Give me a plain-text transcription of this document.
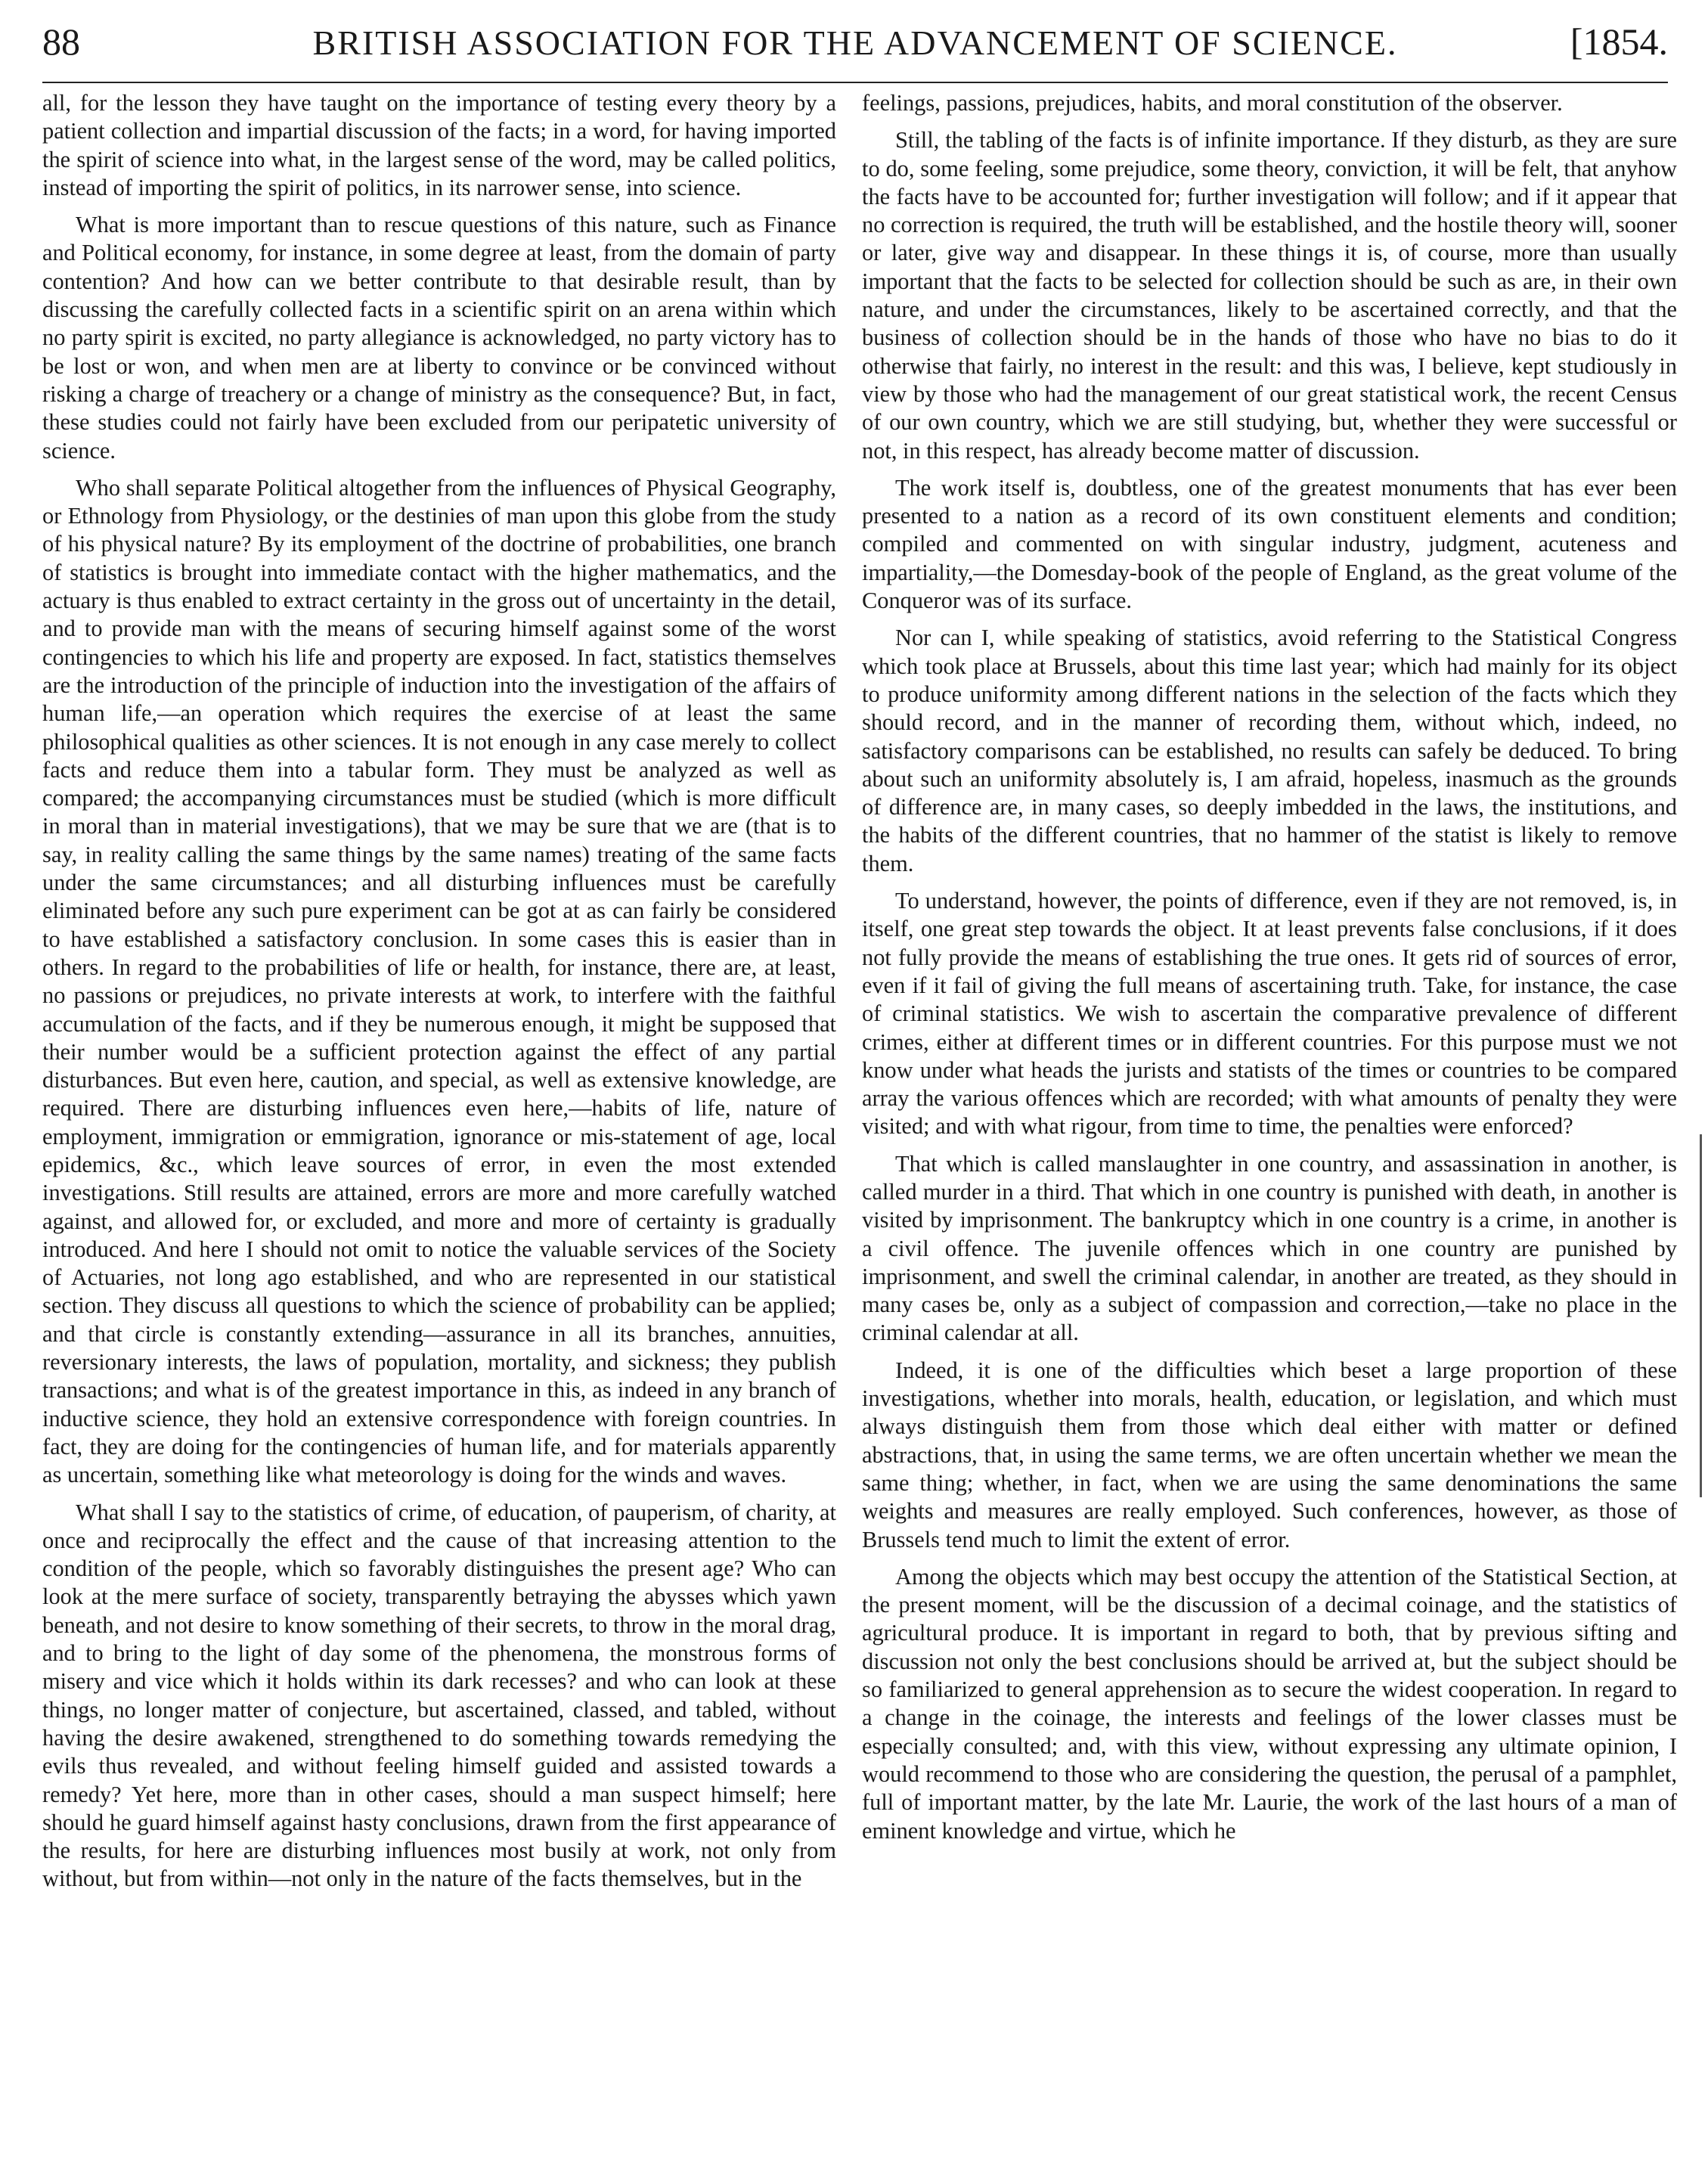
88	BRITISH ASSOCIATION FOR THE ADVANCEMENT OF SCIENCE.	[1854.

all, for the lesson they have taught on the importance of testing every theory by a patient collection and impartial discussion of the facts; in a word, for having imported the spirit of science into what, in the largest sense of the word, may be called politics, instead of importing the spirit of politics, in its narrower sense, into science.

What is more important than to rescue questions of this nature, such as Finance and Political economy, for instance, in some degree at least, from the domain of party contention? And how can we better contribute to that desirable result, than by discussing the carefully collected facts in a scientific spirit on an arena within which no party spirit is excited, no party allegiance is acknowledged, no party victory has to be lost or won, and when men are at liberty to convince or be convinced without risking a charge of treachery or a change of ministry as the consequence? But, in fact, these studies could not fairly have been excluded from our peripatetic university of science.

Who shall separate Political altogether from the influences of Physical Geography, or Ethnology from Physiology, or the destinies of man upon this globe from the study of his physical nature? By its employment of the doctrine of probabilities, one branch of statistics is brought into immediate contact with the higher mathematics, and the actuary is thus enabled to extract certainty in the gross out of uncertainty in the detail, and to provide man with the means of securing himself against some of the worst contingencies to which his life and property are exposed. In fact, statistics themselves are the introduction of the principle of induction into the investigation of the affairs of human life,—an operation which requires the exercise of at least the same philosophical qualities as other sciences. It is not enough in any case merely to collect facts and reduce them into a tabular form. They must be analyzed as well as compared; the accompanying circumstances must be studied (which is more difficult in moral than in material investigations), that we may be sure that we are (that is to say, in reality calling the same things by the same names) treating of the same facts under the same circumstances; and all disturbing influences must be carefully eliminated before any such pure experiment can be got at as can fairly be considered to have established a satisfactory conclusion. In some cases this is easier than in others. In regard to the probabilities of life or health, for instance, there are, at least, no passions or prejudices, no private interests at work, to interfere with the faithful accumulation of the facts, and if they be numerous enough, it might be supposed that their number would be a sufficient protection against the effect of any partial disturbances. But even here, caution, and special, as well as extensive knowledge, are required. There are disturbing influences even here,—habits of life, nature of employment, immigration or emmigration, ignorance or mis-statement of age, local epidemics, &c., which leave sources of error, in even the most extended investigations. Still results are attained, errors are more and more carefully watched against, and allowed for, or excluded, and more and more of certainty is gradually introduced. And here I should not omit to notice the valuable services of the Society of Actuaries, not long ago established, and who are represented in our statistical section. They discuss all questions to which the science of probability can be applied; and that circle is constantly extending—assurance in all its branches, annuities, reversionary interests, the laws of population, mortality, and sickness; they publish transactions; and what is of the greatest importance in this, as indeed in any branch of inductive science, they hold an extensive correspondence with foreign countries. In fact, they are doing for the contingencies of human life, and for materials apparently as uncertain, something like what meteorology is doing for the winds and waves.

What shall I say to the statistics of crime, of education, of pauperism, of charity, at once and reciprocally the effect and the cause of that increasing attention to the condition of the people, which so favorably distinguishes the present age? Who can look at the mere surface of society, transparently betraying the abysses which yawn beneath, and not desire to know something of their secrets, to throw in the moral drag, and to bring to the light of day some of the phenomena, the monstrous forms of misery and vice which it holds within its dark recesses? and who can look at these things, no longer matter of conjecture, but ascertained, classed, and tabled, without having the desire awakened, strengthened to do something towards remedying the evils thus revealed, and without feeling himself guided and assisted towards a remedy? Yet here, more than in other cases, should a man suspect himself; here should he guard himself against hasty conclusions, drawn from the first appearance of the results, for here are disturbing influences most busily at work, not only from without, but from within—not only in the nature of the facts themselves, but in the

feelings, passions, prejudices, habits, and moral constitution of the observer.

Still, the tabling of the facts is of infinite importance. If they disturb, as they are sure to do, some feeling, some prejudice, some theory, conviction, it will be felt, that anyhow the facts have to be accounted for; further investigation will follow; and if it appear that no correction is required, the truth will be established, and the hostile theory will, sooner or later, give way and disappear. In these things it is, of course, more than usually important that the facts to be selected for collection should be such as are, in their own nature, and under the circumstances, likely to be ascertained correctly, and that the business of collection should be in the hands of those who have no bias to do it otherwise that fairly, no interest in the result: and this was, I believe, kept studiously in view by those who had the management of our great statistical work, the recent Census of our own country, which we are still studying, but, whether they were successful or not, in this respect, has already become matter of discussion.

The work itself is, doubtless, one of the greatest monuments that has ever been presented to a nation as a record of its own constituent elements and condition; compiled and commented on with singular industry, judgment, acuteness and impartiality,—the Domesday-book of the people of England, as the great volume of the Conqueror was of its surface.

Nor can I, while speaking of statistics, avoid referring to the Statistical Congress which took place at Brussels, about this time last year; which had mainly for its object to produce uniformity among different nations in the selection of the facts which they should record, and in the manner of recording them, without which, indeed, no satisfactory comparisons can be established, no results can safely be deduced. To bring about such an uniformity absolutely is, I am afraid, hopeless, inasmuch as the grounds of difference are, in many cases, so deeply imbedded in the laws, the institutions, and the habits of the different countries, that no hammer of the statist is likely to remove them.

To understand, however, the points of difference, even if they are not removed, is, in itself, one great step towards the object. It at least prevents false conclusions, if it does not fully provide the means of establishing the true ones. It gets rid of sources of error, even if it fail of giving the full means of ascertaining truth. Take, for instance, the case of criminal statistics. We wish to ascertain the comparative prevalence of different crimes, either at different times or in different countries. For this purpose must we not know under what heads the jurists and statists of the times or countries to be compared array the various offences which are recorded; with what amounts of penalty they were visited; and with what rigour, from time to time, the penalties were enforced?

That which is called manslaughter in one country, and assassination in another, is called murder in a third. That which in one country is punished with death, in another is visited by imprisonment. The bankruptcy which in one country is a crime, in another is a civil offence. The juvenile offences which in one country are punished by imprisonment, and swell the criminal calendar, in another are treated, as they should in many cases be, only as a subject of compassion and correction,—take no place in the criminal calendar at all.

Indeed, it is one of the difficulties which beset a large proportion of these investigations, whether into morals, health, education, or legislation, and which must always distinguish them from those which deal either with matter or defined abstractions, that, in using the same terms, we are often uncertain whether we mean the same thing; whether, in fact, when we are using the same denominations the same weights and measures are really employed. Such conferences, however, as those of Brussels tend much to limit the extent of error.

Among the objects which may best occupy the attention of the Statistical Section, at the present moment, will be the discussion of a decimal coinage, and the statistics of agricultural produce. It is important in regard to both, that by previous sifting and discussion not only the best conclusions should be arrived at, but the subject should be so familiarized to general apprehension as to secure the widest cooperation. In regard to a change in the coinage, the interests and feelings of the lower classes must be especially consulted; and, with this view, without expressing any ultimate opinion, I would recommend to those who are considering the question, the perusal of a pamphlet, full of important matter, by the late Mr. Laurie, the work of the last hours of a man of eminent knowledge and virtue, which he
